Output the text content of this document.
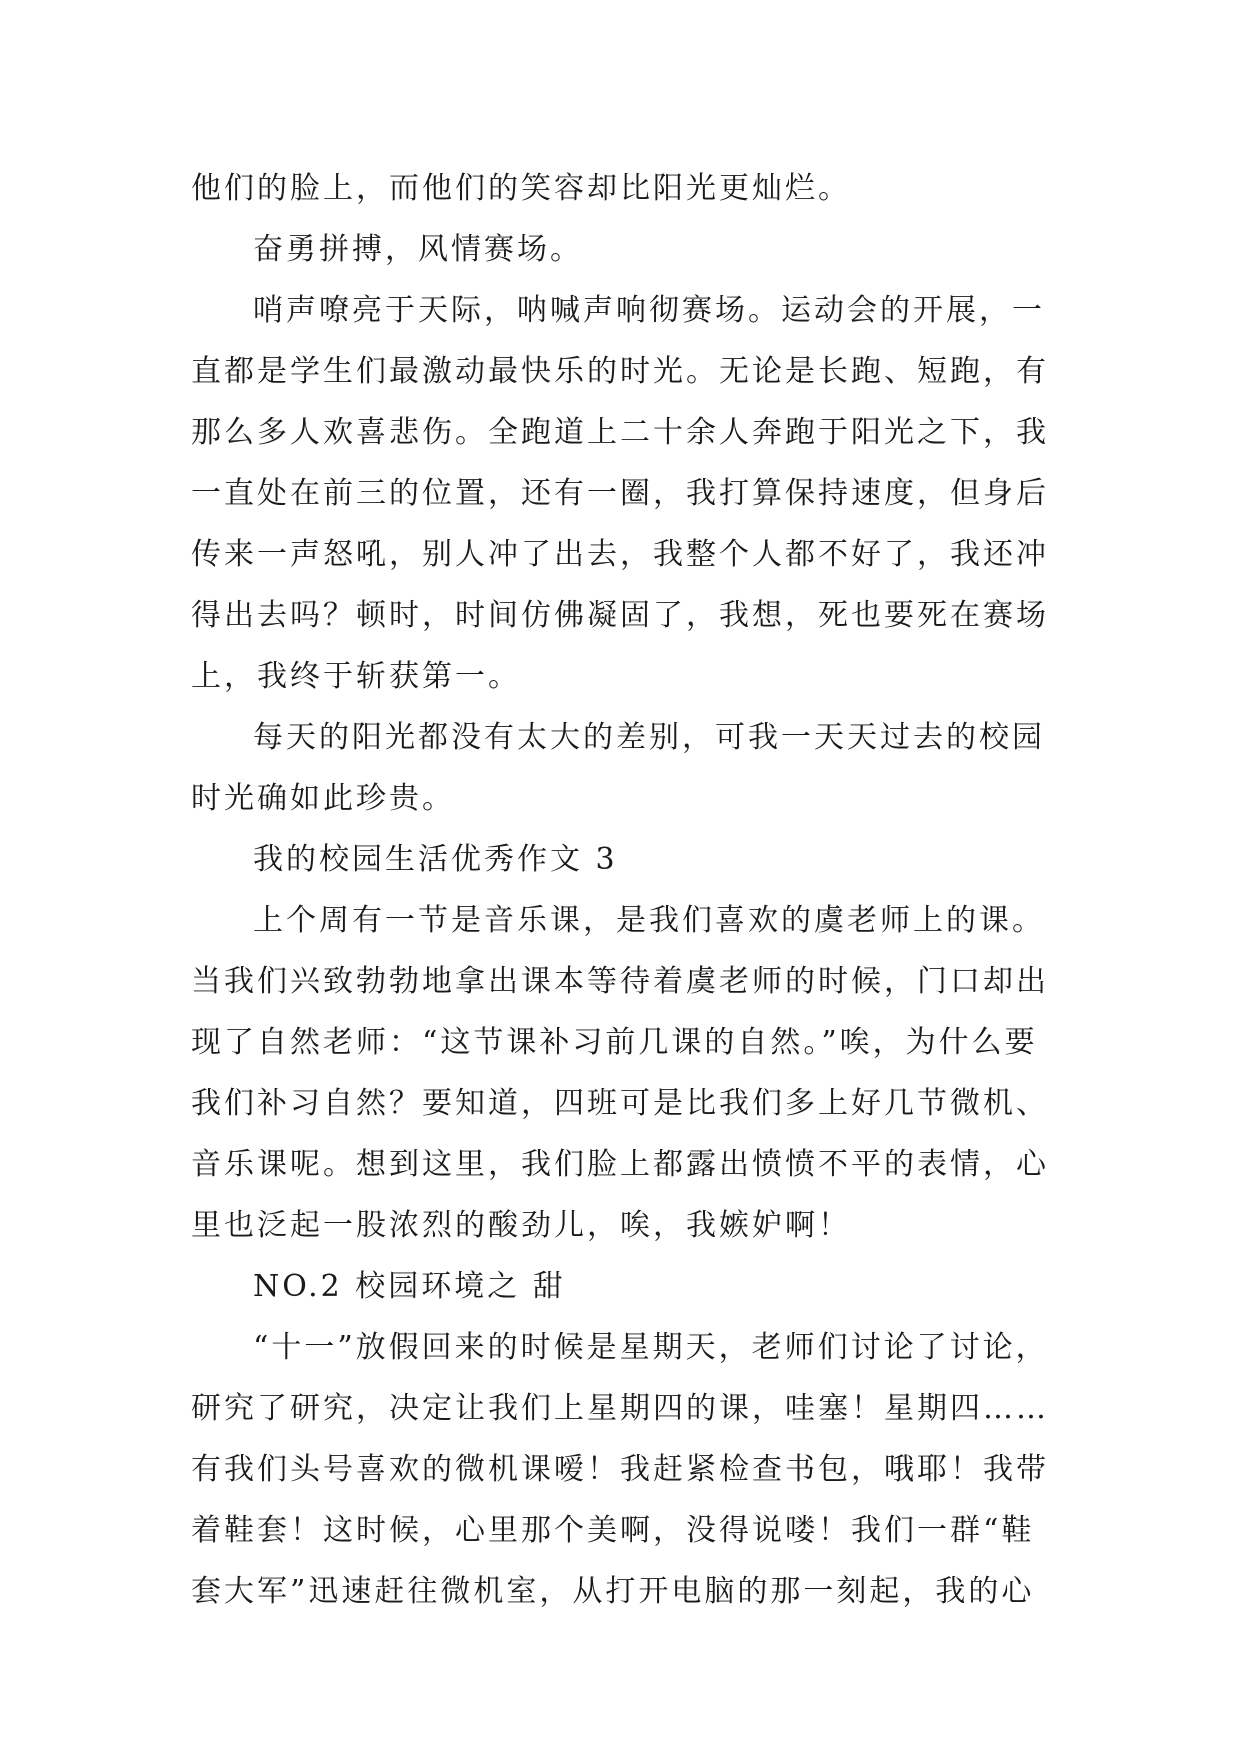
他们的脸上，而他们的笑容却比阳光更灿烂。
奋勇拼搏，风情赛场。
哨声嘹亮于天际，呐喊声响彻赛场。运动会的开展，一
直都是学生们最激动最快乐的时光。无论是长跑、短跑，有
那么多人欢喜悲伤。全跑道上二十余人奔跑于阳光之下，我
一直处在前三的位置，还有一圈，我打算保持速度，但身后
传来一声怒吼，别人冲了出去，我整个人都不好了，我还冲
得出去吗？顿时，时间仿佛凝固了，我想，死也要死在赛场
上，我终于斩获第一。
每天的阳光都没有太大的差别，可我一天天过去的校园
时光确如此珍贵。
我的校园生活优秀作文 3
上个周有一节是音乐课，是我们喜欢的虞老师上的课。
当我们兴致勃勃地拿出课本等待着虞老师的时候，门口却出
现了自然老师：“这节课补习前几课的自然。”唉，为什么要
我们补习自然？要知道，四班可是比我们多上好几节微机、
音乐课呢。想到这里，我们脸上都露出愤愤不平的表情，心
里也泛起一股浓烈的酸劲儿，唉，我嫉妒啊！
NO.2 校园环境之 甜
“十一”放假回来的时候是星期天，老师们讨论了讨论，
研究了研究，决定让我们上星期四的课，哇塞！星期四……
有我们头号喜欢的微机课嗳！我赶紧检查书包，哦耶！我带
着鞋套！这时候，心里那个美啊，没得说喽！我们一群“鞋
套大军”迅速赶往微机室，从打开电脑的那一刻起，我的心
